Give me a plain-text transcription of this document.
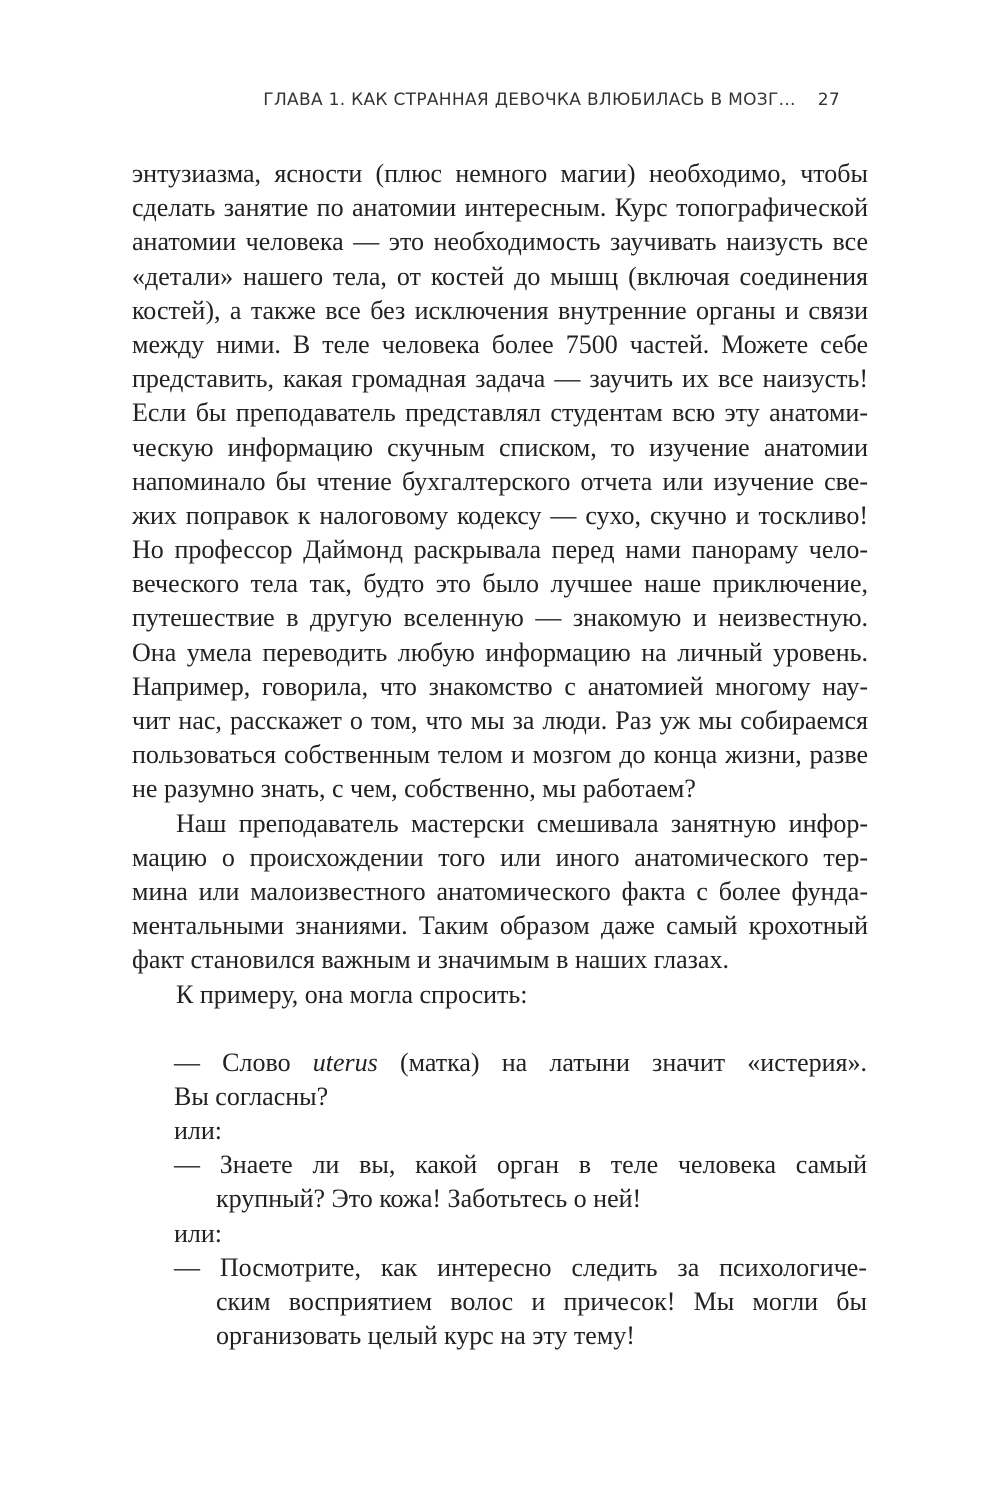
ГЛАВА 1. КАК СТРАННАЯ ДЕВОЧКА ВЛЮБИЛАСЬ В МОЗГ... 27
энтузиазма, ясности (плюс немного магии) необходимо, чтобы
сделать занятие по анатомии интересным. Курс топографической
анатомии человека — это необходимость заучивать наизусть все
«детали» нашего тела, от костей до мышц (включая соединения
костей), а также все без исключения внутренние органы и связи
между ними. В теле человека более 7500 частей. Можете себе
представить, какая громадная задача — заучить их все наизусть!
Если бы преподаватель представлял студентам всю эту анатоми-
ческую информацию скучным списком, то изучение анатомии
напоминало бы чтение бухгалтерского отчета или изучение све-
жих поправок к налоговому кодексу — сухо, скучно и тоскливо!
Но профессор Даймонд раскрывала перед нами панораму чело-
веческого тела так, будто это было лучшее наше приключение,
путешествие в другую вселенную — знакомую и неизвестную.
Она умела переводить любую информацию на личный уровень.
Например, говорила, что знакомство с анатомией многому нау-
чит нас, расскажет о том, что мы за люди. Раз уж мы собираемся
пользоваться собственным телом и мозгом до конца жизни, разве
не разумно знать, с чем, собственно, мы работаем?
Наш преподаватель мастерски смешивала занятную инфор-
мацию о происхождении того или иного анатомического тер-
мина или малоизвестного анатомического факта с более фунда-
ментальными знаниями. Таким образом даже самый крохотный
факт становился важным и значимым в наших глазах.
К примеру, она могла спросить:
— Слово uterus (матка) на латыни значит «истерия».
Вы согласны?
или:
— Знаете ли вы, какой орган в теле человека самый
крупный? Это кожа! Заботьтесь о ней!
или:
— Посмотрите, как интересно следить за психологиче-
ским восприятием волос и причесок! Мы могли бы
организовать целый курс на эту тему!
